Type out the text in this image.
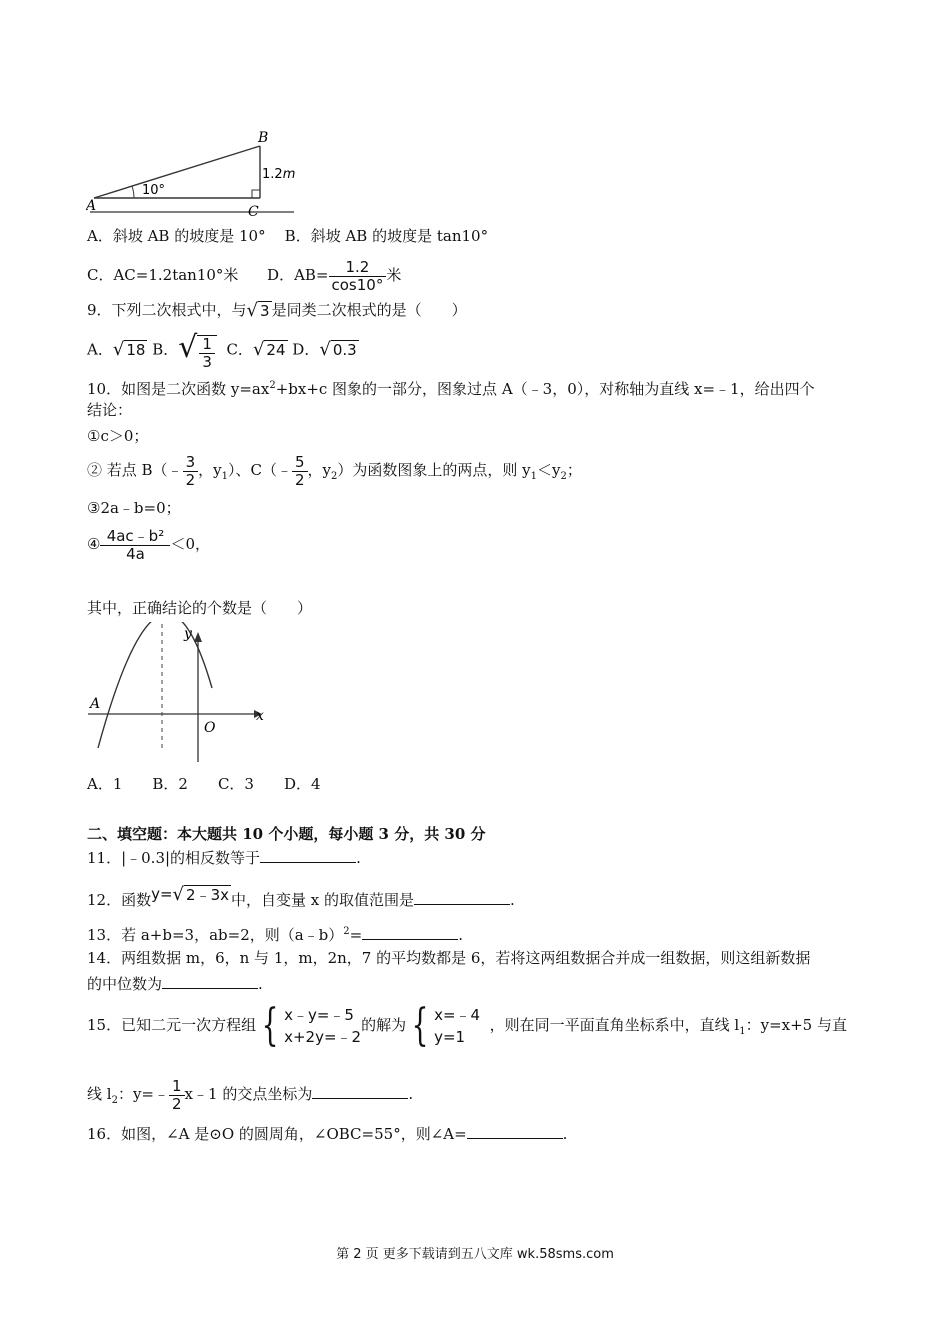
A
B
C
10°
1.2m
A．斜坡 AB 的坡度是 10° B．斜坡 AB 的坡度是 tan10°
C．AC=1.2tan10°米 D．$AB= \frac{1.2}{\cos 10^\circ}$ 米
9．下列二次根式中，与√ 3 是同类二次根式的是（　　）
A．√ 18 B．√ $\frac{1}{3}$ C．√ 24 D．√ 0.3
10．如图是二次函数 $y=ax^2+bx+c$ 图象的一部分，图象过点 A（﹣3，0），对称轴为直线 x=﹣1，给出四个
结论：
①c＞0；
② 若点 B（﹣ $\frac{3}{2}$ ，$y_1$）、C（﹣ $\frac{5}{2}$ ，$y_2$）为函数图象上的两点，则 $y_1<y_2$；
③2a﹣b=0；
④ $\frac{\text{4ac﹣b²}}{4a} <0$，
其中，正确结论的个数是（　　）
y
x
A
O
A．1　　B．2　　C．3　　D．4
二、填空题：本大题共 10 个小题，每小题 3 分，共 30 分
11．|﹣0.3|的相反数等于	.
12．函数y=√ 2﹣3x 中，自变量 x 的取值范围是	.
13．若 a+b=3，ab=2，则（a﹣b）$^2$=	.
14．两组数据 m，6，n 与 1，m，2n，7 的平均数都是 6，若将这两组数据合并成一组数据，则这组新数据
的中位数为	.
15．已知二元一次方程组 { x﹣y=﹣5
x+2y=﹣2
的解为 { x=﹣4
y=1
，则在同一平面直角坐标系中，直线 $l_1$：y=x+5 与直
线 $l_2$：y=﹣ $\frac{1}{2}$ x﹣1 的交点坐标为	.
16．如图，∠A 是⊙O 的圆周角，∠OBC=55°，则∠A=	.
第 2 页 更多下载请到五八文库 wk.58sms.com
